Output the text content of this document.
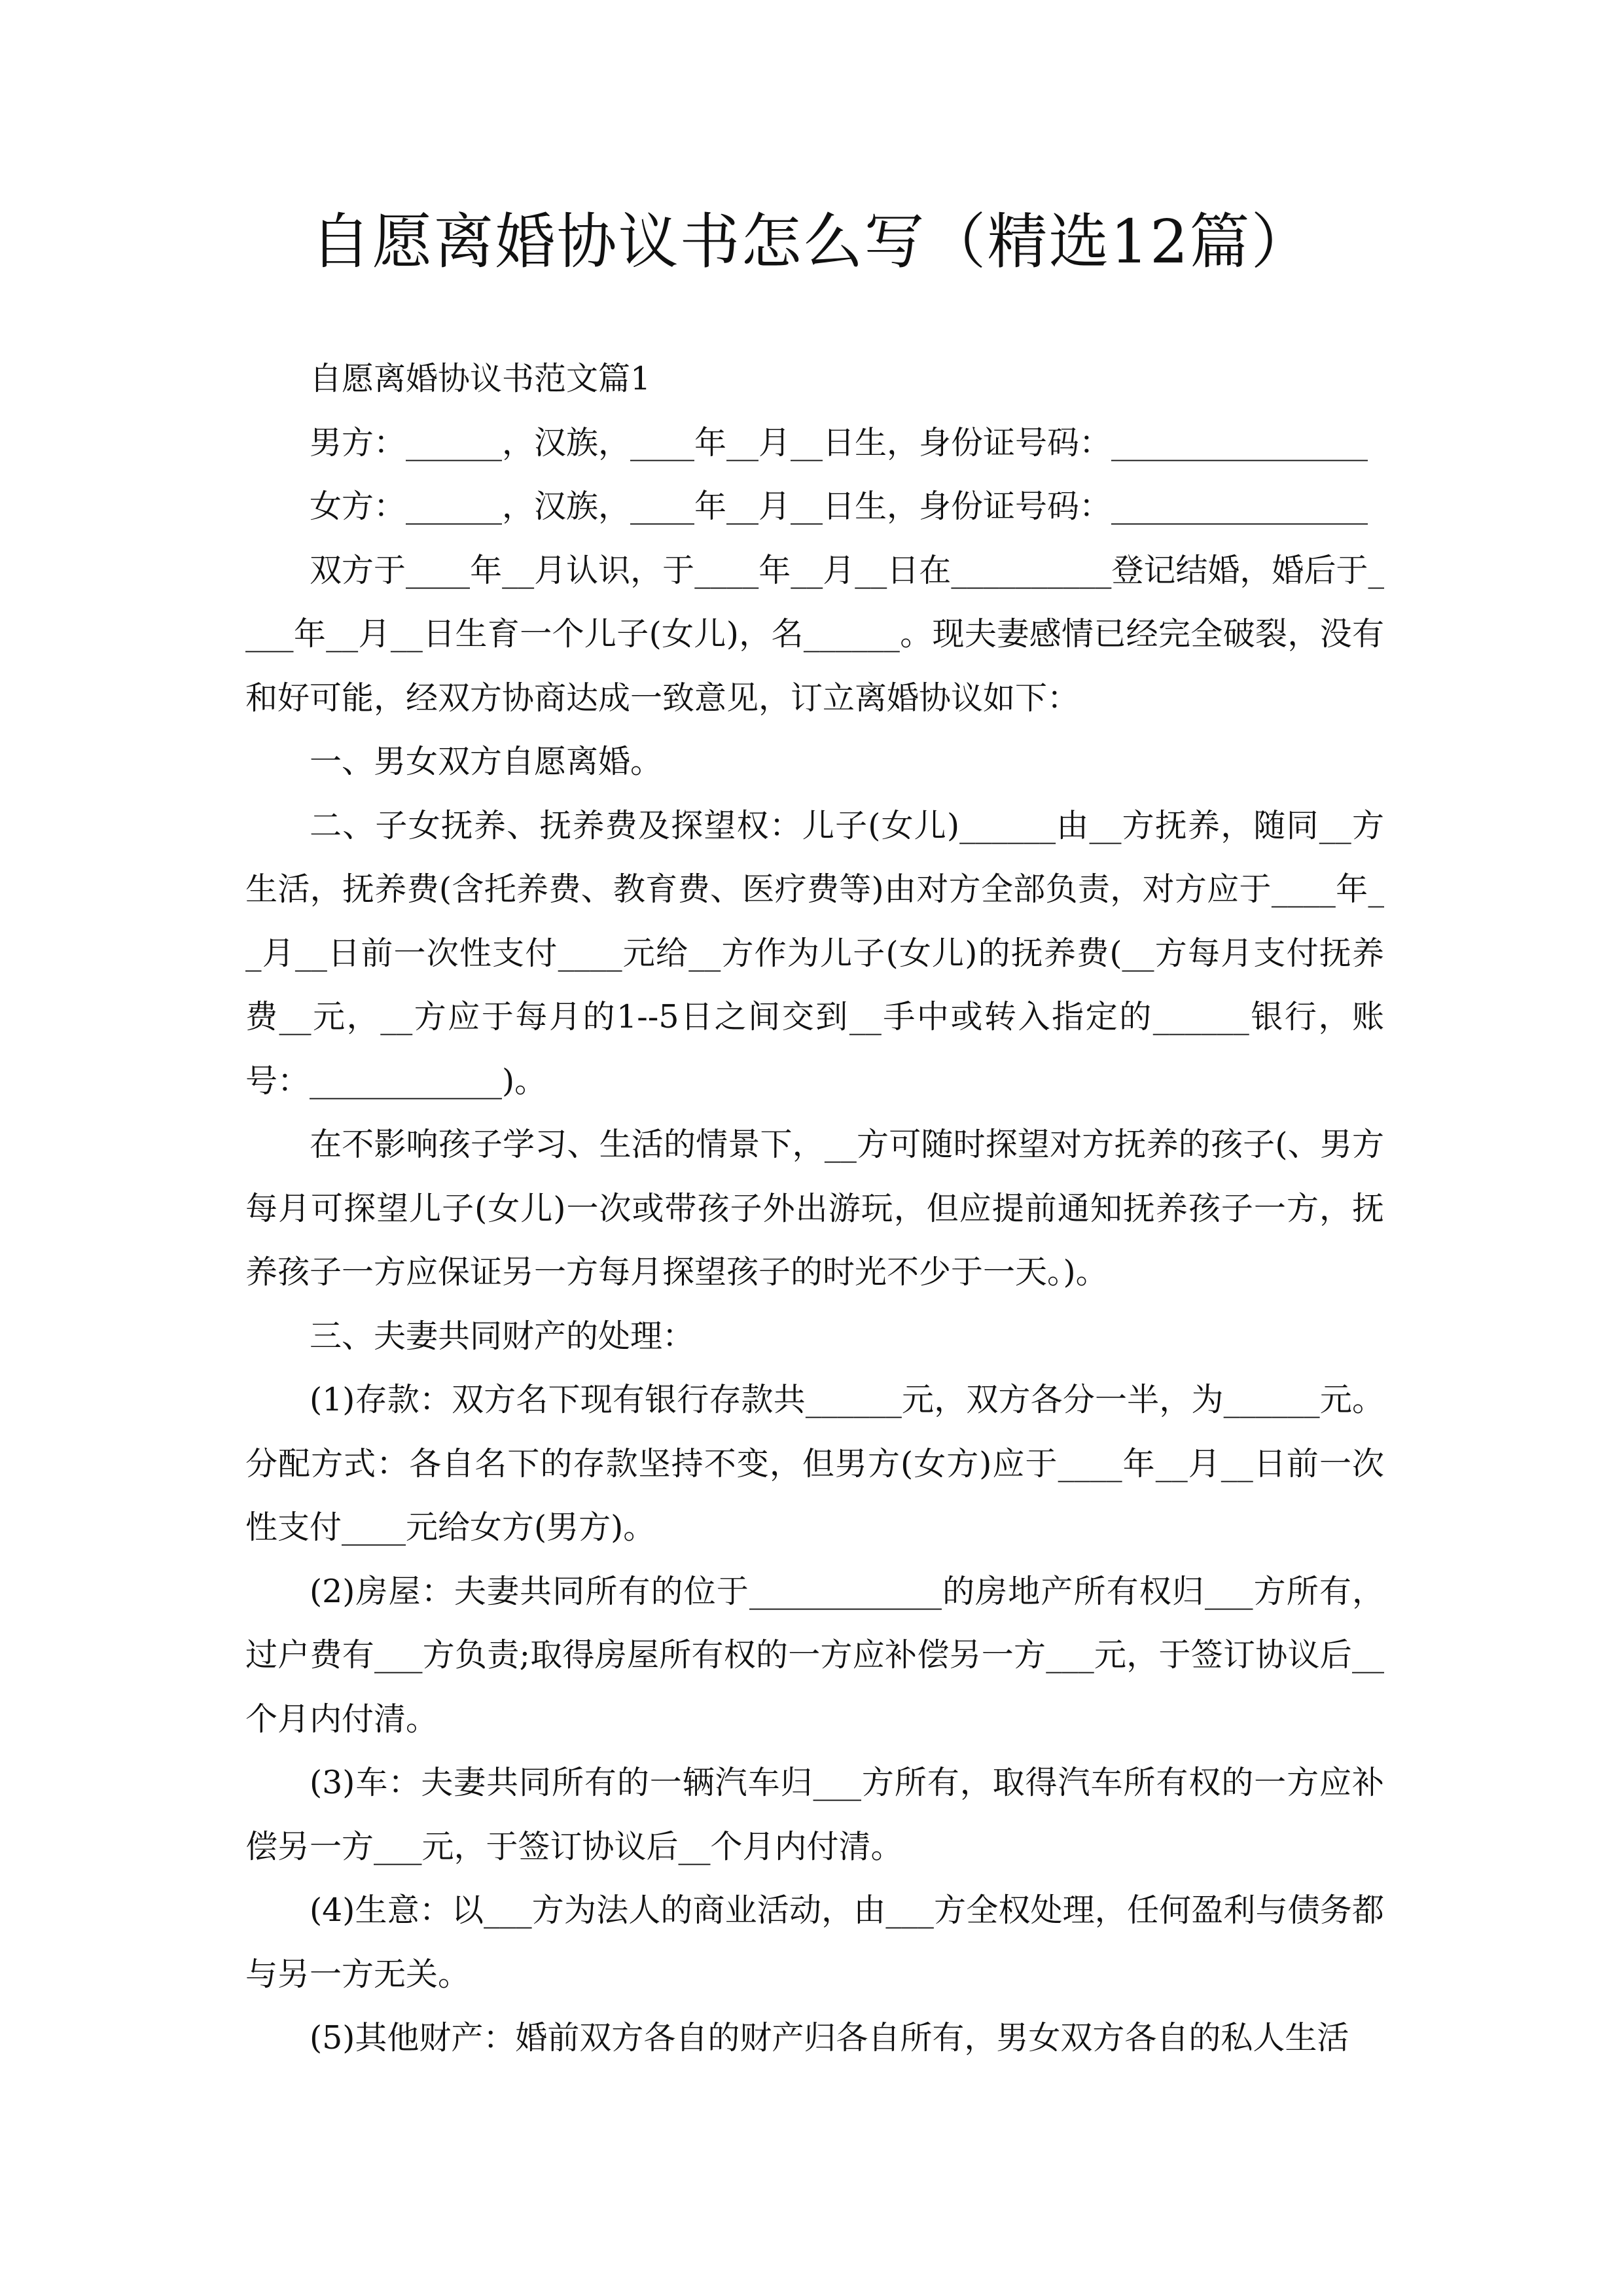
自愿离婚协议书怎么写（精选12篇）

自愿离婚协议书范文篇1

男方：______，汉族，____年__月__日生，身份证号码：________________

女方：______，汉族，____年__月__日生，身份证号码：________________

双方于____年__月认识，于____年__月__日在__________登记结婚，婚后于____年__月__日生育一个儿子(女儿)，名______。现夫妻感情已经完全破裂，没有和好可能，经双方协商达成一致意见，订立离婚协议如下：

一、男女双方自愿离婚。

二、子女抚养、抚养费及探望权：儿子(女儿)______由__方抚养，随同__方生活，抚养费(含托养费、教育费、医疗费等)由对方全部负责，对方应于____年__月__日前一次性支付____元给__方作为儿子(女儿)的抚养费(__方每月支付抚养费__元，__方应于每月的1--5日之间交到__手中或转入指定的______银行，账号：____________)。

在不影响孩子学习、生活的情景下，__方可随时探望对方抚养的孩子(、男方每月可探望儿子(女儿)一次或带孩子外出游玩，但应提前通知抚养孩子一方，抚养孩子一方应保证另一方每月探望孩子的时光不少于一天。)。

三、夫妻共同财产的处理：

(1)存款：双方名下现有银行存款共______元，双方各分一半，为______元。分配方式：各自名下的存款坚持不变，但男方(女方)应于____年__月__日前一次性支付____元给女方(男方)。

(2)房屋：夫妻共同所有的位于____________的房地产所有权归___方所有，过户费有___方负责;取得房屋所有权的一方应补偿另一方___元，于签订协议后__个月内付清。

(3)车：夫妻共同所有的一辆汽车归___方所有，取得汽车所有权的一方应补偿另一方___元，于签订协议后__个月内付清。

(4)生意：以___方为法人的商业活动，由___方全权处理，任何盈利与债务都与另一方无关。

(5)其他财产：婚前双方各自的财产归各自所有，男女双方各自的私人生活
